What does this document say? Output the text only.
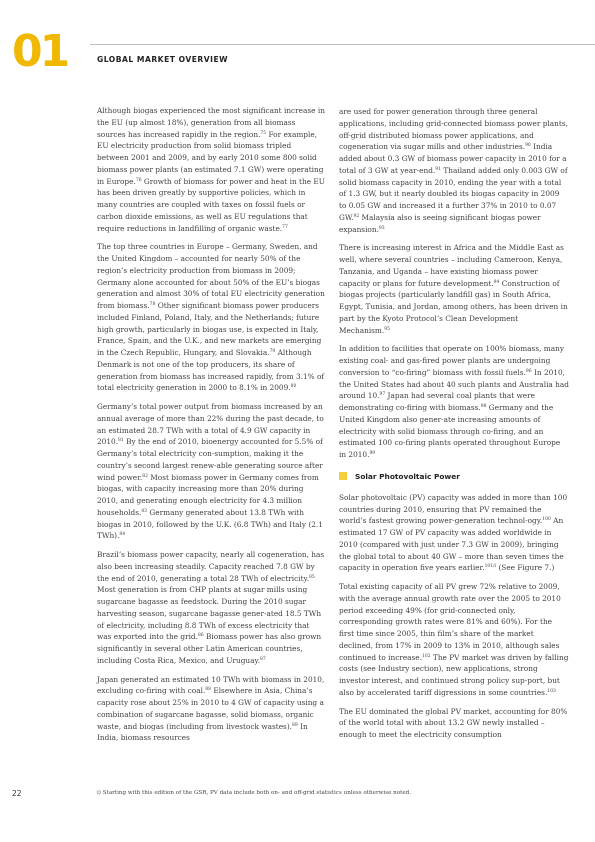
01	GLOBAL MARKET OVERVIEW

Although biogas experienced the most significant increase in the EU (up almost 18%), generation from all biomass sources has increased rapidly in the region.$^{75}$ For example, EU electricity production from solid biomass tripled between 2001 and 2009, and by early 2010 some 800 solid biomass power plants (an estimated 7.1 GW) were operating in Europe.$^{76}$ Growth of biomass for power and heat in the EU has been driven greatly by supportive policies, which in many countries are coupled with taxes on fossil fuels or carbon dioxide emissions, as well as EU regulations that require reductions in landfilling of organic waste.$^{77}$

The top three countries in Europe – Germany, Sweden, and the United Kingdom – accounted for nearly 50% of the region’s electricity production from biomass in 2009; Germany alone accounted for about 50% of the EU’s biogas generation and almost 30% of total EU electricity generation from biomass.$^{78}$ Other significant biomass power producers included Finland, Poland, Italy, and the Netherlands; future high growth, particularly in biogas use, is expected in Italy, France, Spain, and the U.K., and new markets are emerging in the Czech Republic, Hungary, and Slovakia.$^{79}$ Although Denmark is not one of the top producers, its share of generation from biomass has increased rapidly, from 3.1% of total electricity generation in 2000 to 8.1% in 2009.80

Germany’s total power output from biomass increased by an annual average of more than 22% during the past decade, to an estimated 28.7 TWh with a total of 4.9 GW capacity in 2010.81 By the end of 2010, bioenergy accounted for 5.5% of Germany’s total electricity con-sumption, making it the country’s second largest renew-able generating source after wind power.$^{82}$ Most biomass power in Germany comes from biogas, with capacity increasing more than 20% during 2010, and generating enough electricity for 4.3 million households.$^{83}$ Germany generated about 13.8 TWh with biogas in 2010, followed by the U.K. (6.8 TWh) and Italy (2.1 TWh).$^{84}$

Brazil’s biomass power capacity, nearly all cogeneration, has also been increasing steadily. Capacity reached 7.8 GW by the end of 2010, generating a total 28 TWh of electricity.$^{85}$ Most generation is from CHP plants at sugar mills using sugarcane bagasse as feedstock. During the 2010 sugar harvesting season, sugarcane bagasse gener-ated 18.5 TWh of electricity, including 8.8 TWh of excess electricity that was exported into the grid.$^{86}$ Biomass power has also grown significantly in several other Latin American countries, including Costa Rica, Mexico, and Uruguay.$^{87}$

Japan generated an estimated 10 TWh with biomass in 2010, excluding co-firing with coal.$^{88}$ Elsewhere in Asia, China’s capacity rose about 25% in 2010 to 4 GW of capacity using a combination of sugarcane bagasse, solid biomass, organic waste, and biogas (including from livestock wastes).$^{89}$ In India, biomass resources

are used for power generation through three general applications, including grid-connected biomass power plants, off-grid distributed biomass power applications, and cogeneration via sugar mills and other industries.$^{90}$ India added about 0.3 GW of biomass power capacity in 2010 for a total of 3 GW at year-end.$^{91}$ Thailand added only 0.003 GW of solid biomass capacity in 2010, ending the year with a total of 1.3 GW, but it nearly doubled its biogas capacity in 2009 to 0.05 GW and increased it a further 37% in 2010 to 0.07 GW.$^{92}$ Malaysia also is seeing significant biogas power expansion.$^{93}$

There is increasing interest in Africa and the Middle East as well, where several countries – including Cameroon, Kenya, Tanzania, and Uganda – have existing biomass power capacity or plans for future development.$^{94}$ Construction of biogas projects (particularly landfill gas) in South Africa, Egypt, Tunisia, and Jordan, among others, has been driven in part by the Kyoto Protocol’s Clean Development Mechanism.$^{95}$

In addition to facilities that operate on 100% biomass, many existing coal- and gas-fired power plants are undergoing conversion to “co-firing” biomass with fossil fuels.$^{96}$ In 2010, the United States had about 40 such plants and Australia had around 10.97 Japan had several coal plants that were demonstrating co-firing with biomass.$^{98}$ Germany and the United Kingdom also gener-ate increasing amounts of electricity with solid biomass through co-firing, and an estimated 100 co-firing plants operated throughout Europe in 2010.99

Solar Photovoltaic Power

Solar photovoltaic (PV) capacity was added in more than 100 countries during 2010, ensuring that PV remained the world’s fastest growing power-generation technol-ogy.$^{100}$ An estimated 17 GW of PV capacity was added worldwide in 2010 (compared with just under 7.3 GW in 2009), bringing the global total to about 40 GW – more than seven times the capacity in operation five years earlier.$^{101/i}$ (See Figure 7.)

Total existing capacity of all PV grew 72% relative to 2009, with the average annual growth rate over the 2005 to 2010 period exceeding 49% (for grid-connected only, corresponding growth rates were 81% and 60%). For the first time since 2005, thin film’s share of the market declined, from 17% in 2009 to 13% in 2010, although sales continued to increase.$^{102}$ The PV market was driven by falling costs (see Industry section), new applications, strong investor interest, and continued strong policy sup-port, but also by accelerated tariff digressions in some countries.$^{103}$

The EU dominated the global PV market, accounting for 80% of the world total with about 13.2 GW newly installed – enough to meet the electricity consumption

22	i) Starting with this edition of the GSR, PV data include both on- and off-grid statistics unless otherwise noted.
